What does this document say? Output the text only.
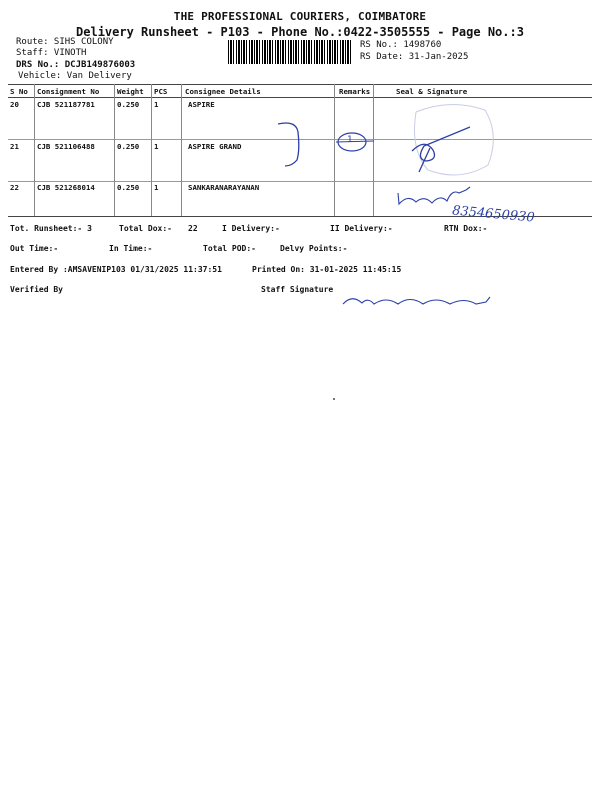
THE PROFESSIONAL COURIERS, COIMBATORE
Delivery Runsheet - P103 - Phone No.:0422-3505555 - Page No.:3
Route: SIHS COLONY
Staff: VINOTH
RS No.: 1498760
RS Date: 31-Jan-2025
DRS No.: DCJB149876003
Vehicle: Van Delivery
S No Consignment No Weight PCS Consignee Details	Remarks	Seal & Signature
20 CJB 521187781	0.250 1	ASPIRE
21 CJB 521106488	0.250 1	ASPIRE GRAND
22 CJB 521268014	0.250 1	SANKARANARAYANAN
1
8354650930
Tot. Runsheet:- 3	Total Dox:- 22	I Delivery:-	II Delivery:-	RTN Dox:-
Out Time:-	In Time:-	Total POD:-	Delvy Points:-
Entered By :AMSAVENIP103 01/31/2025 11:37:51	Printed On: 31-01-2025 11:45:15
Verified By	Staff Signature
